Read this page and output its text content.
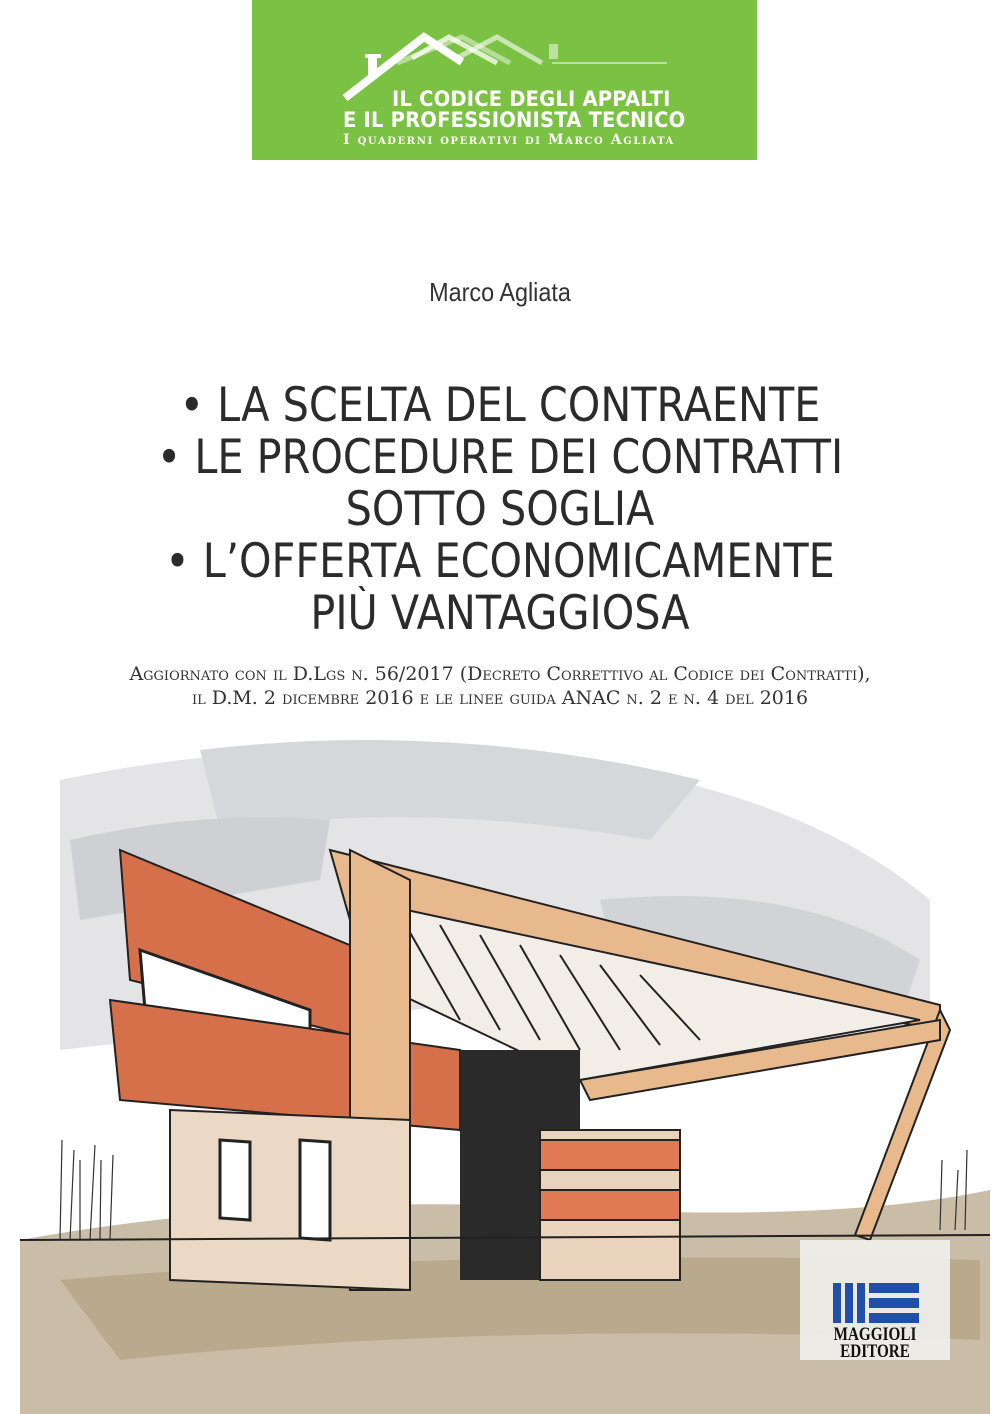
IL CODICE DEGLI APPALTI
E IL PROFESSIONISTA TECNICO
I quaderni operativi di Marco Agliata
Marco Agliata
• LA SCELTA DEL CONTRAENTE
• LE PROCEDURE DEI CONTRATTI
SOTTO SOGLIA
• L’OFFERTA ECONOMICAMENTE
PIÙ VANTAGGIOSA
Aggiornato con il D.Lgs n. 56/2017 (Decreto Correttivo al Codice dei Contratti),
il D.M. 2 dicembre 2016 e le linee guida ANAC n. 2 e n. 4 del 2016
MAGGIOLI
EDITORE
